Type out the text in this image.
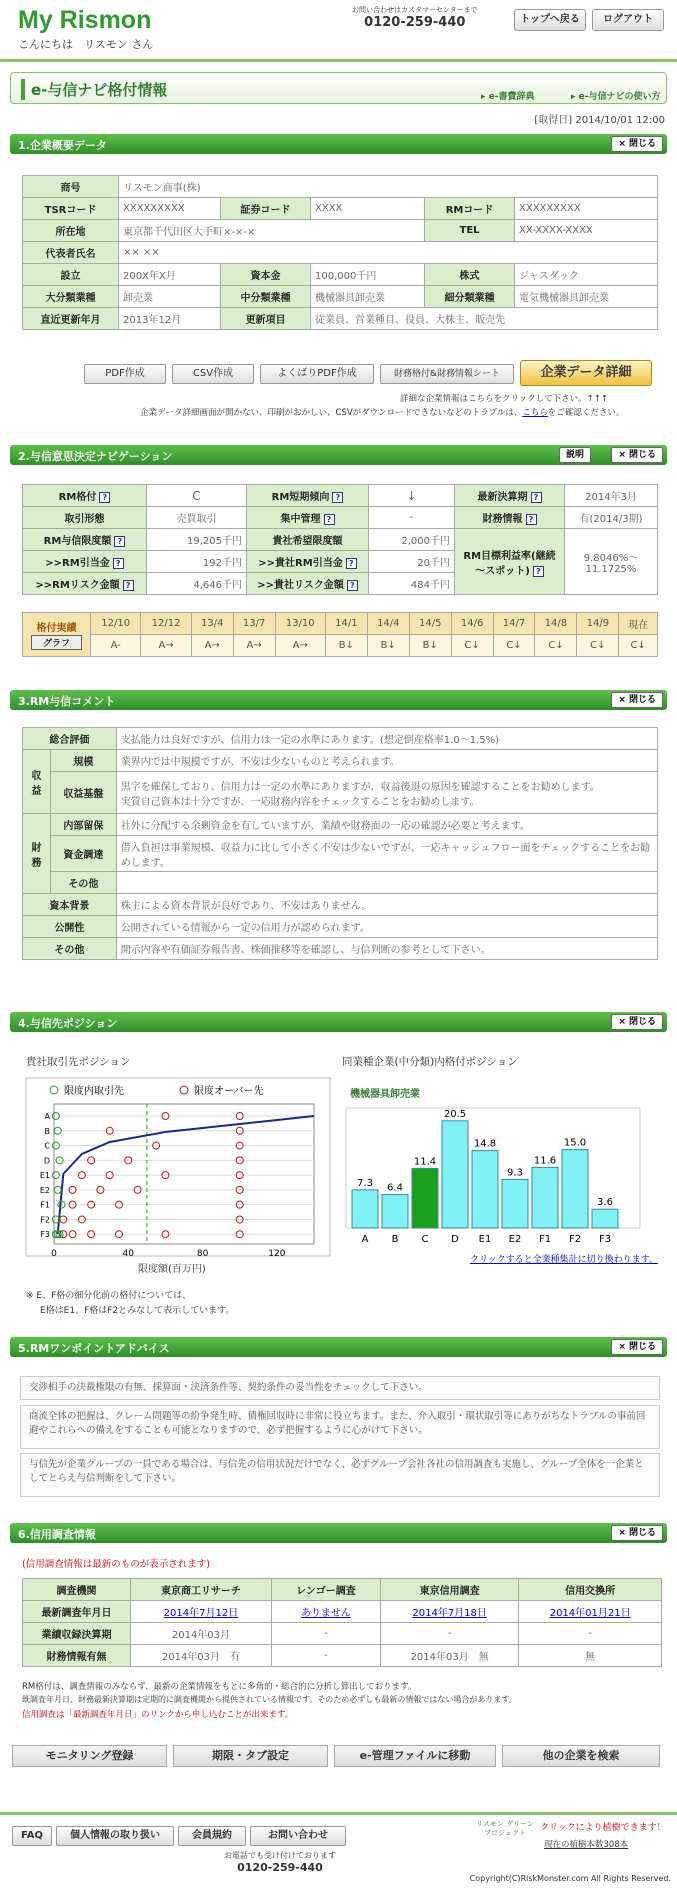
My Rismon
こんにちは　リスモン さん
お問い合わせはカスタマーセンターまで
0120-259-440	トップへ戻る	ログアウト
e-与信ナビ格付情報	▸ e-書費辞典	▸ e-与信ナビの使い方
[取得日] 2014/10/01 12:00
1.企業概要データ	× 閉じる
商号	リスモン商事(株)				
TSRコード	XXXXXXXXX	証券コード	XXXX	RMコード	XXXXXXXXX
所在地	東京都千代田区大手町×-×-×			TEL	XX-XXXX-XXXX
代表者氏名	×× ××				
設立	200X年X月	資本金	100,000千円	株式	ジャスダック
大分類業種	卸売業	中分類業種	機械器具卸売業	細分類業種	電気機械器具卸売業
直近更新年月	2013年12月	更新項目	従業員、営業種目、役員、大株主、販売先		
PDF作成	CSV作成	よくばりPDF作成	財務格付&財務情報シート	企業データ詳細
詳細な企業情報はこちらをクリックして下さい。↑↑↑
企業データ詳細画面が開かない、印刷がおかしい、CSVがダウンロードできないなどのトラブルは、こちらをご確認ください。
2.与信意思決定ナビゲーション	説明	× 閉じる
RM格付 ?	C	RM短期傾向 ?	↓	最新決算期 ?	2014年3月
取引形態	売買取引	集中管理 ?	-	財務情報 ?	有(2014/3期)
RM与信限度額 ?	19,205千円	貴社希望限度額	2,000千円	RM目標利益率(継続～スポット) ?	9.8046%～11.1725%
>>RM引当金 ?	192千円	>>貴社RM引当金 ?	20千円		
>>RMリスク金額 ?	4,646千円	>>貴社リスク金額 ?	484千円		
格付実績
グラフ	12/10	12/12	13/4	13/7	13/10	14/1	14/4	14/5	14/6	14/7	14/8	14/9	現在
	A-	A→	A→	A→	A→	B↓	B↓	B↓	C↓	C↓	C↓	C↓	C↓
3.RM与信コメント	× 閉じる
総合評価		支払能力は良好ですが、信用力は一定の水準にあります。(想定倒産格率1.0〜1.5%)
収益	規模	業界内では中規模ですが、不安は少ないものと考えられます。
	収益基盤	黒字を確保しており、信用力は一定の水準にありますが、収益後退の原因を確認することをお勧めします。
実質自己資本は十分ですが、一応財務内容をチェックすることをお勧めします。
財務	内部留保	社外に分配する余剰資金を有していますが、業績や財務面の一応の確認が必要と考えます。
	資金調達	借入負担は事業規模、収益力に比して小さく不安は少ないですが、一応キャッシュフロー面をチェックすることをお勧めします。
	その他	
資本背景		株主による資本背景が良好であり、不安はありません。
公開性		公開されている情報から一定の信用力が認められます。
その他		開示内容や有価証券報告書、株価推移等を確認し、与信判断の参考として下さい。
4.与信先ポジション	× 閉じる
貴社取引先ポジション
限度内取引先	限度オーバー先
A
B
C
D
E1
E2
F1
F2
F3
0	40	80	120
限度額(百万円)
※ E、F格の細分化前の格付については、
E格はE1、F格はF2とみなして表示しています。
同業種企業(中分類)内格付ポジション
機械器具卸売業
7.3
A
6.4
B
11.4
C
20.5
D
14.8
E1
9.3
E2
11.6
F1
15.0
F2
3.6
F3
クリックすると全業種集計に切り換わります。
5.RMワンポイントアドバイス	× 閉じる
交渉相手の決裁権限の有無、採算面・決済条件等、契約条件の妥当性をチェックして下さい。
商流全体の把握は、クレーム問題等の紛争発生時、債権回収時に非常に役立ちます。また、介入取引・環状取引等にありがちなトラブルの事前回避やこれらへの備えをすることも可能となりますので、必ず把握するように心がけて下さい。
与信先が企業グループの一員である場合は、与信先の信用状況だけでなく、必ずグループ会社各社の信用調査も実施し、グループ全体を一企業としてとらえ与信判断をして下さい。
6.信用調査情報	× 閉じる
(信用調査情報は最新のものが表示されます)
調査機関	東京商工リサーチ	レンゴー調査	東京信用調査	信用交換所
最新調査年月日	2014年7月12日	ありません	2014年7月18日	2014年01月21日
業績収録決算期	2014年03月	-	-	-
財務情報有無	2014年03月　有	-	2014年03月　無	無
RM格付は、調査情報のみならず、最新の企業情報をもとに多角的・総合的に分析し算出しております。
既調査年月日、財務最新決算期は定期的に調査機関から提供されている情報です。そのため必ずしも最新の情報ではない場合があります。
信用調査は「最新調査年月日」のリンクから申し込むことが出来ます。
モニタリング登録	期限・タブ設定	e-管理ファイルに移動	他の企業を検索
FAQ	個人情報の取り扱い	会員規約	お問い合わせ
お電話でも受け付けております
0120-259-440
リスモン グリーン プロジェクト	クリックにより植樹できます！
現在の植樹本数308本
Copyright(C)RiskMonster.com All Rights Reserved.
